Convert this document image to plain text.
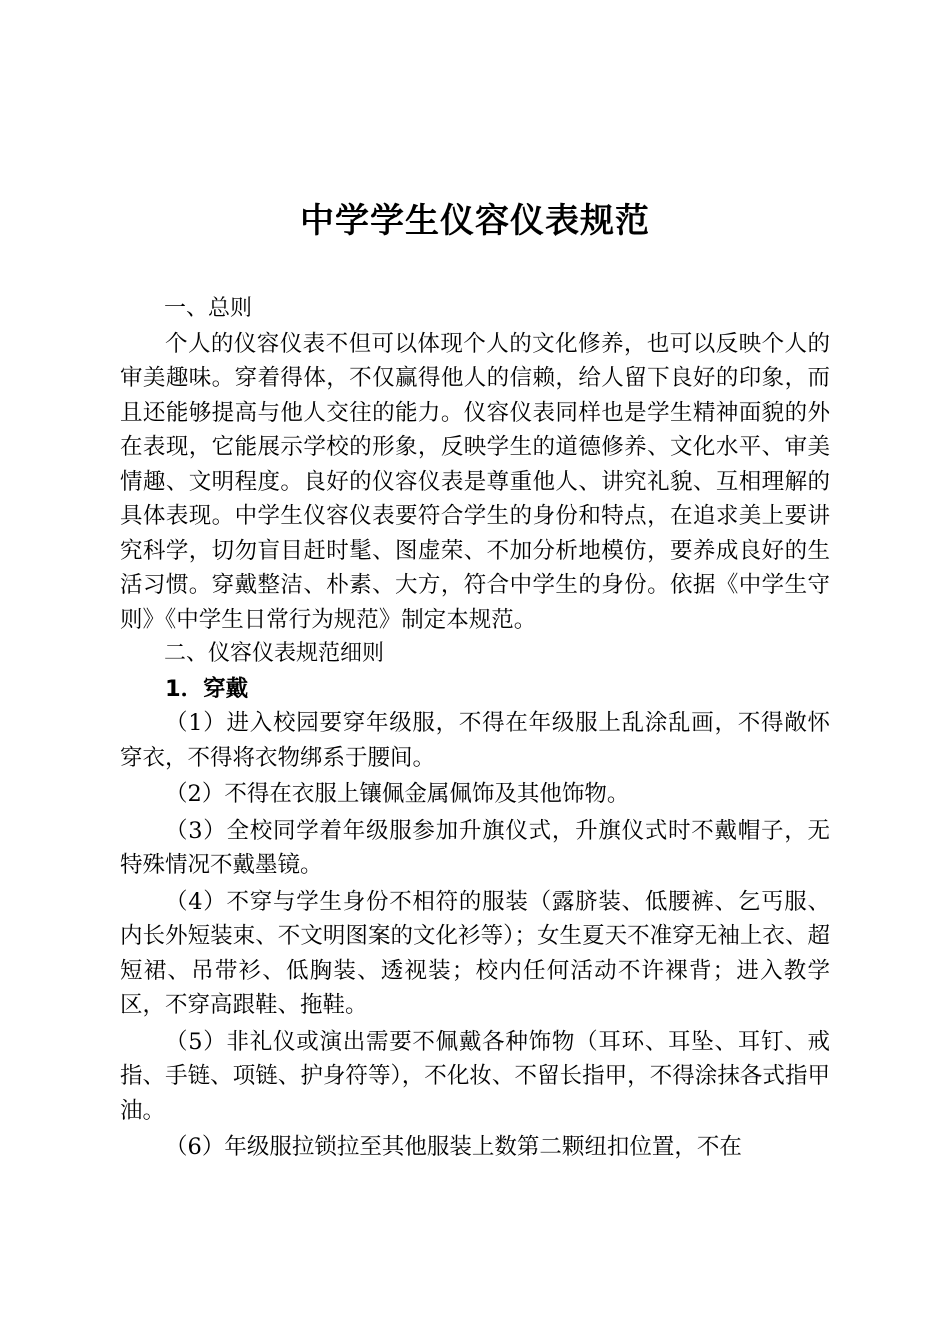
中学学生仪容仪表规范

一、总则

个人的仪容仪表不但可以体现个人的文化修养，也可以反映个人的审美趣味。穿着得体，不仅赢得他人的信赖，给人留下良好的印象，而且还能够提高与他人交往的能力。仪容仪表同样也是学生精神面貌的外在表现，它能展示学校的形象，反映学生的道德修养、文化水平、审美情趣、文明程度。良好的仪容仪表是尊重他人、讲究礼貌、互相理解的具体表现。中学生仪容仪表要符合学生的身份和特点，在追求美上要讲究科学，切勿盲目赶时髦、图虚荣、不加分析地模仿，要养成良好的生活习惯。穿戴整洁、朴素、大方，符合中学生的身份。依据《中学生守则》《中学生日常行为规范》制定本规范。

二、仪容仪表规范细则

1．穿戴

（1）进入校园要穿年级服，不得在年级服上乱涂乱画，不得敞怀穿衣，不得将衣物绑系于腰间。

（2）不得在衣服上镶佩金属佩饰及其他饰物。

（3）全校同学着年级服参加升旗仪式，升旗仪式时不戴帽子，无特殊情况不戴墨镜。

（4）不穿与学生身份不相符的服装（露脐装、低腰裤、乞丐服、内长外短装束、不文明图案的文化衫等）；女生夏天不准穿无袖上衣、超短裙、吊带衫、低胸装、透视装；校内任何活动不许裸背；进入教学区，不穿高跟鞋、拖鞋。

（5）非礼仪或演出需要不佩戴各种饰物（耳环、耳坠、耳钉、戒指、手链、项链、护身符等），不化妆、不留长指甲，不得涂抹各式指甲油。

（6）年级服拉锁拉至其他服装上数第二颗纽扣位置，不在
